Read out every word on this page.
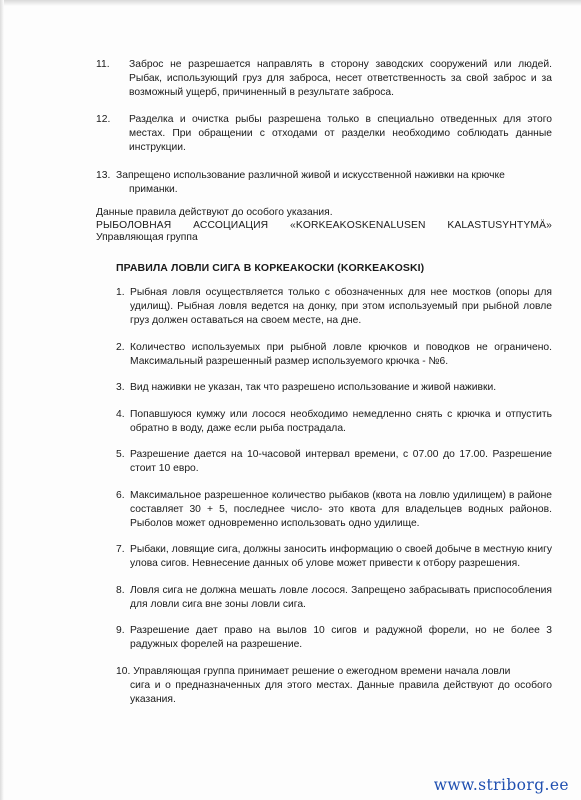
11. Заброс не разрешается направлять в сторону заводских сооружений или людей. Рыбак, использующий груз для заброса, несет ответственность за свой заброс и за возможный ущерб, причиненный в результате заброса.
12. Разделка и очистка рыбы разрешена только в специально отведенных для этого местах. При обращении с отходами от разделки необходимо соблюдать данные инструкции.
13. Запрещено использование различной живой и искусственной наживки на крючке
приманки.
Данные правила действуют до особого указания.
РЫБОЛОВНАЯ АССОЦИАЦИЯ «KORKEAKOSKENALUSEN KALASTUSYHTYMÄ»
Управляющая группа
ПРАВИЛА ЛОВЛИ СИГА В КОРКЕАКОСКИ (KORKEAKOSKI)
1. Рыбная ловля осуществляется только с обозначенных для нее мостков (опоры для удилищ). Рыбная ловля ведется на донку, при этом используемый при рыбной ловле груз должен оставаться на своем месте, на дне.
2. Количество используемых при рыбной ловле крючков и поводков не ограничено. Максимальный разрешенный размер используемого крючка - №6.
3. Вид наживки не указан, так что разрешено использование и живой наживки.
4. Попавшуюся кумжу или лосося необходимо немедленно снять с крючка и отпустить обратно в воду, даже если рыба пострадала.
5. Разрешение дается на 10-часовой интервал времени, с 07.00 до 17.00. Разрешение стоит 10 евро.
6. Максимальное разрешенное количество рыбаков (квота на ловлю удилищем) в районе составляет 30 + 5, последнее число- это квота для владельцев водных районов. Рыболов может одновременно использовать одно удилище.
7. Рыбаки, ловящие сига, должны заносить информацию о своей добыче в местную книгу улова сигов. Невнесение данных об улове может привести к отбору разрешения.
8. Ловля сига не должна мешать ловле лосося. Запрещено забрасывать приспособления для ловли сига вне зоны ловли сига.
9. Разрешение дает право на вылов 10 сигов и радужной форели, но не более 3 радужных форелей на разрешение.
10. Управляющая группа принимает решение о ежегодном времени начала ловли
сига и о предназначенных для этого местах. Данные правила действуют до особого указания.
www.striborg.ee
